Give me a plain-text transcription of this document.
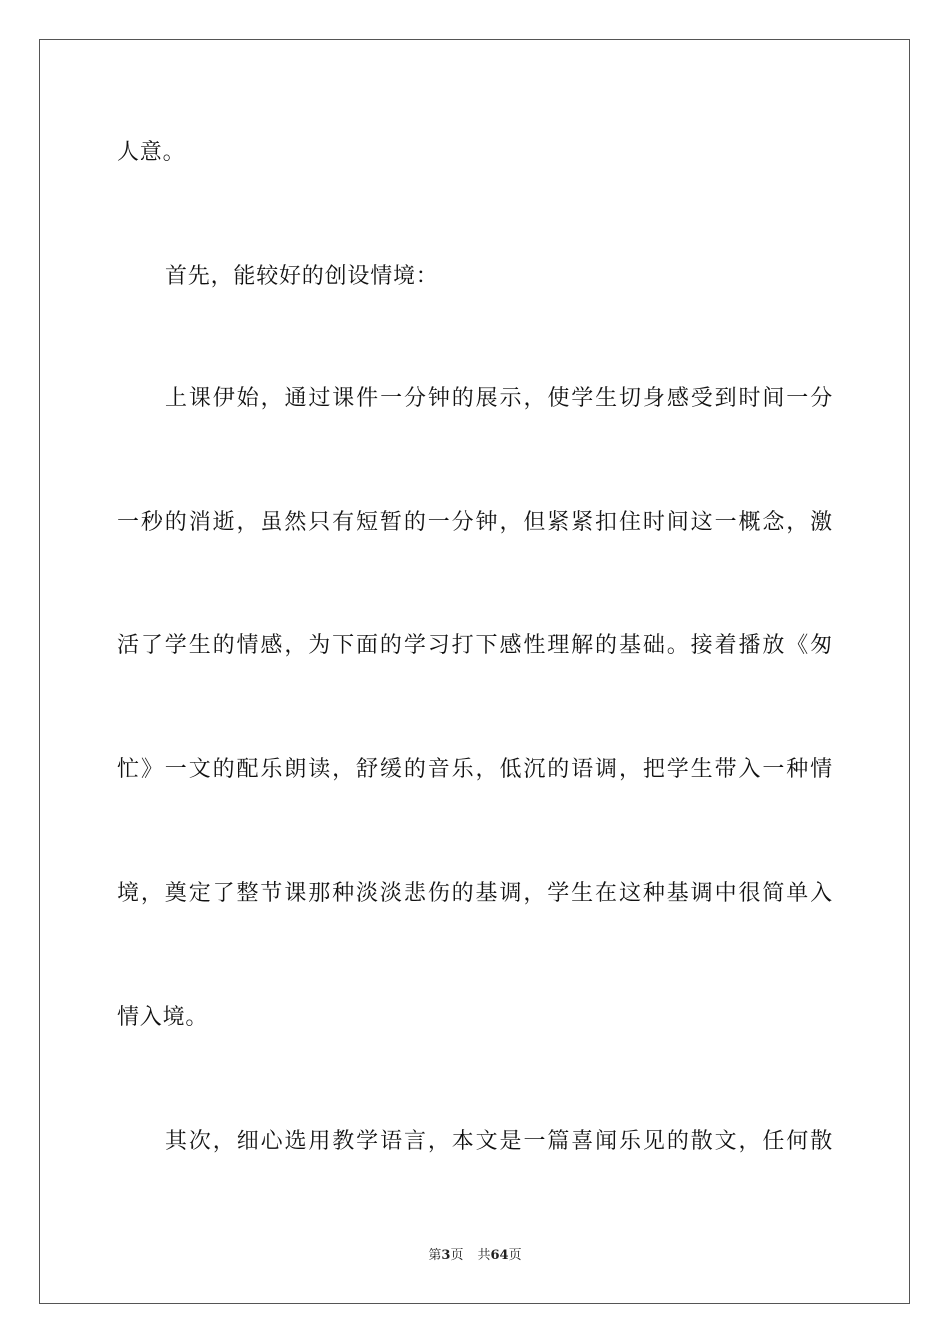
人意。
首先，能较好的创设情境：
上课伊始，通过课件一分钟的展示，使学生切身感受到时间一分
一秒的消逝，虽然只有短暂的一分钟，但紧紧扣住时间这一概念，激
活了学生的情感，为下面的学习打下感性理解的基础。接着播放《匆
忙》一文的配乐朗读，舒缓的音乐，低沉的语调，把学生带入一种情
境，奠定了整节课那种淡淡悲伤的基调，学生在这种基调中很简单入
情入境。
其次，细心选用教学语言，本文是一篇喜闻乐见的散文，任何散
第3页 共64页
